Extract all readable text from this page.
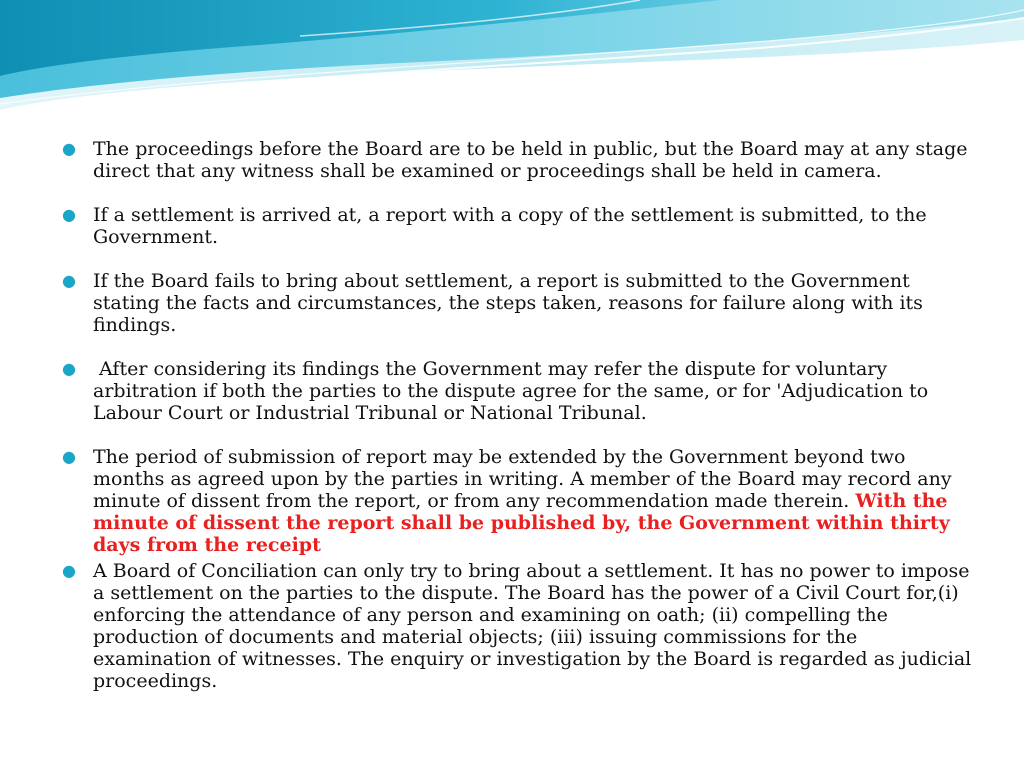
● The proceedings before the Board are to be held in public, but the Board may at any stage direct that any witness shall be examined or proceedings shall be held in camera.

● If a settlement is arrived at, a report with a copy of the settlement is submitted, to the Government.

● If the Board fails to bring about settlement, a report is submitted to the Government stating the facts and circumstances, the steps taken, reasons for failure along with its findings.

● After considering its findings the Government may refer the dispute for voluntary arbitration if both the parties to the dispute agree for the same, or for 'Adjudication to Labour Court or Industrial Tribunal or National Tribunal.

● The period of submission of report may be extended by the Government beyond two months as agreed upon by the parties in writing. A member of the Board may record any minute of dissent from the report, or from any recommendation made therein. With the minute of dissent the report shall be published by, the Government within thirty days from the receipt

● A Board of Conciliation can only try to bring about a settlement. It has no power to impose a settlement on the parties to the dispute. The Board has the power of a Civil Court for,(i) enforcing the attendance of any person and examining on oath; (ii) compelling the production of documents and material objects; (iii) issuing commissions for the examination of witnesses. The enquiry or investigation by the Board is regarded as judicial proceedings.
